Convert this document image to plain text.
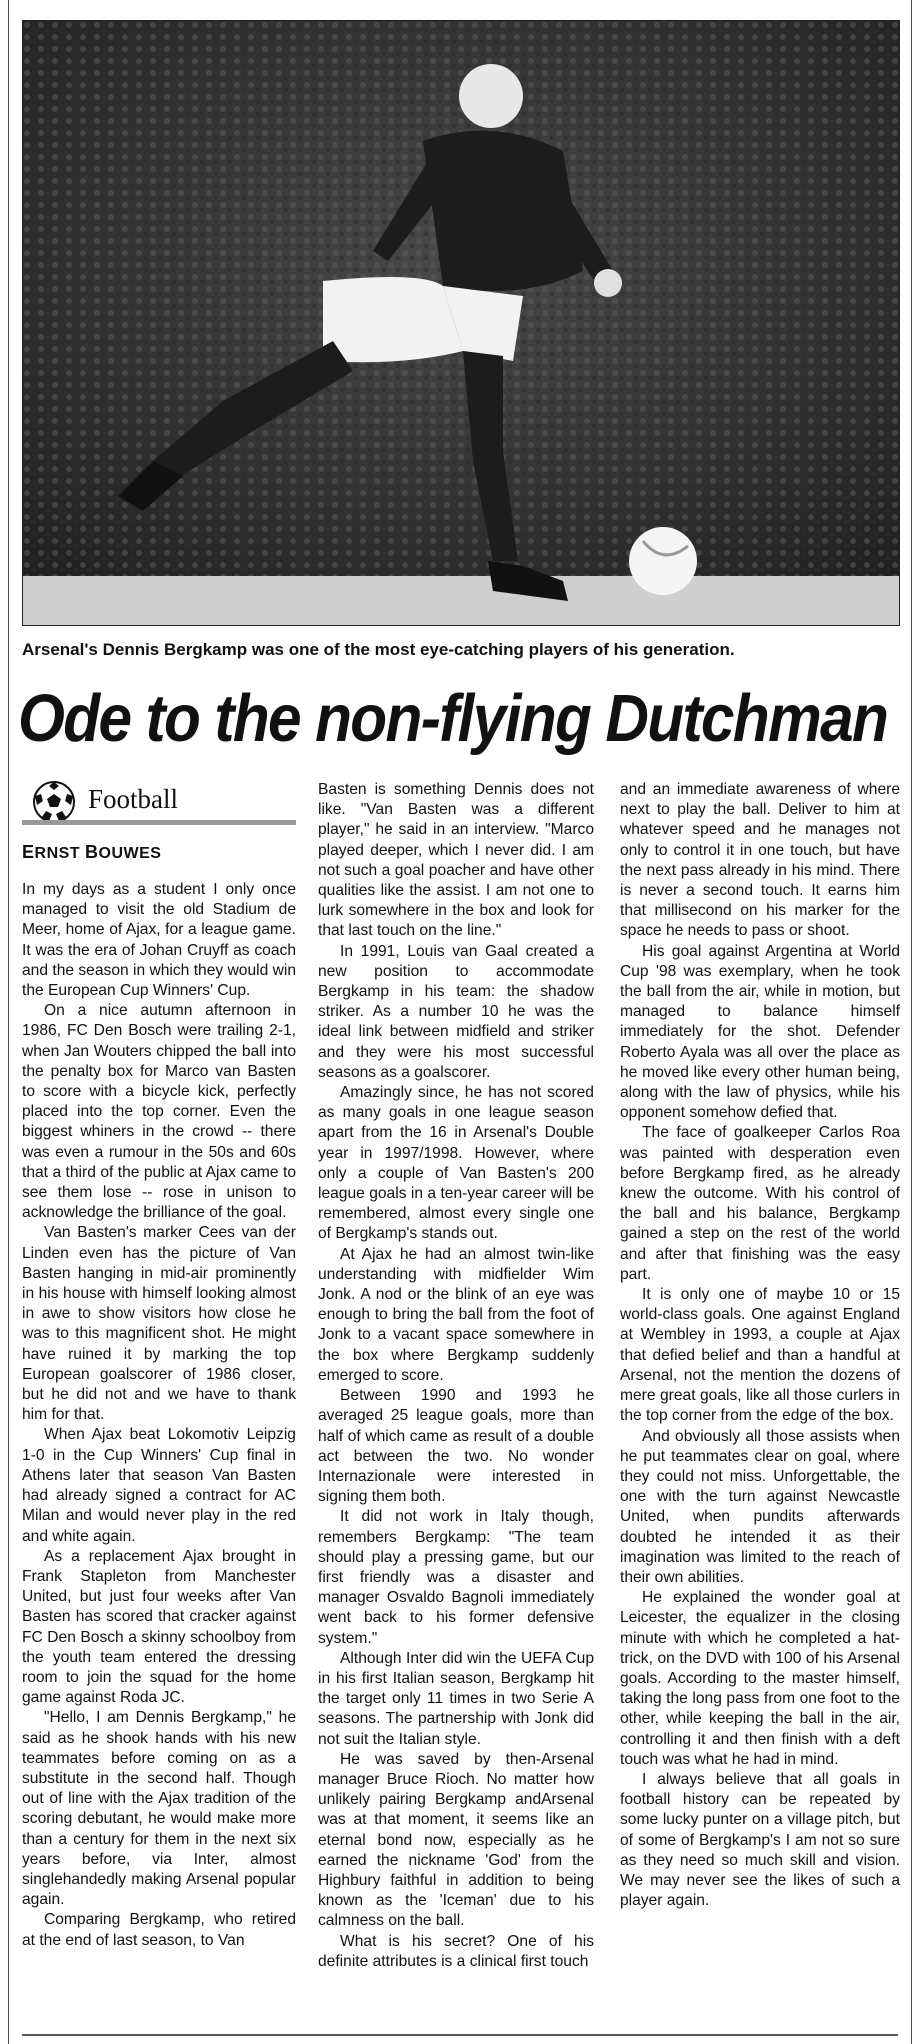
Arsenal's Dennis Bergkamp was one of the most eye-catching players of his generation.
Ode to the non-flying Dutchman
Football
ERNST BOUWES

In my days as a student I only once managed to visit the old Stadium de Meer, home of Ajax, for a league game. It was the era of Johan Cruyff as coach and the season in which they would win the European Cup Winners' Cup.

On a nice autumn afternoon in 1986, FC Den Bosch were trailing 2-1, when Jan Wouters chipped the ball into the penalty box for Marco van Basten to score with a bicycle kick, perfectly placed into the top corner. Even the biggest whiners in the crowd -- there was even a rumour in the 50s and 60s that a third of the public at Ajax came to see them lose -- rose in unison to acknowledge the brilliance of the goal.

Van Basten's marker Cees van der Linden even has the picture of Van Basten hanging in mid-air prominently in his house with himself looking almost in awe to show visitors how close he was to this magnificent shot. He might have ruined it by marking the top European goalscorer of 1986 closer, but he did not and we have to thank him for that.

When Ajax beat Lokomotiv Leipzig 1-0 in the Cup Winners' Cup final in Athens later that season Van Basten had already signed a contract for AC Milan and would never play in the red and white again.

As a replacement Ajax brought in Frank Stapleton from Manchester United, but just four weeks after Van Basten has scored that cracker against FC Den Bosch a skinny schoolboy from the youth team entered the dressing room to join the squad for the home game against Roda JC.

"Hello, I am Dennis Bergkamp," he said as he shook hands with his new teammates before coming on as a substitute in the second half. Though out of line with the Ajax tradition of the scoring debutant, he would make more than a century for them in the next six years before, via Inter, almost singlehandedly making Arsenal popular again.

Comparing Bergkamp, who retired at the end of last season, to Van

Basten is something Dennis does not like. "Van Basten was a different player," he said in an interview. "Marco played deeper, which I never did. I am not such a goal poacher and have other qualities like the assist. I am not one to lurk somewhere in the box and look for that last touch on the line."

In 1991, Louis van Gaal created a new position to accommodate Bergkamp in his team: the shadow striker. As a number 10 he was the ideal link between midfield and striker and they were his most successful seasons as a goalscorer.

Amazingly since, he has not scored as many goals in one league season apart from the 16 in Arsenal's Double year in 1997/1998. However, where only a couple of Van Basten's 200 league goals in a ten-year career will be remembered, almost every single one of Bergkamp's stands out.

At Ajax he had an almost twin-like understanding with midfielder Wim Jonk. A nod or the blink of an eye was enough to bring the ball from the foot of Jonk to a vacant space somewhere in the box where Bergkamp suddenly emerged to score.

Between 1990 and 1993 he averaged 25 league goals, more than half of which came as result of a double act between the two. No wonder Internazionale were interested in signing them both.

It did not work in Italy though, remembers Bergkamp: "The team should play a pressing game, but our first friendly was a disaster and manager Osvaldo Bagnoli immediately went back to his former defensive system."

Although Inter did win the UEFA Cup in his first Italian season, Bergkamp hit the target only 11 times in two Serie A seasons. The partnership with Jonk did not suit the Italian style.

He was saved by then-Arsenal manager Bruce Rioch. No matter how unlikely pairing Bergkamp andArsenal was at that moment, it seems like an eternal bond now, especially as he earned the nickname 'God' from the Highbury faithful in addition to being known as the 'Iceman' due to his calmness on the ball.

What is his secret? One of his definite attributes is a clinical first touch

and an immediate awareness of where next to play the ball. Deliver to him at whatever speed and he manages not only to control it in one touch, but have the next pass already in his mind. There is never a second touch. It earns him that millisecond on his marker for the space he needs to pass or shoot.

His goal against Argentina at World Cup '98 was exemplary, when he took the ball from the air, while in motion, but managed to balance himself immediately for the shot. Defender Roberto Ayala was all over the place as he moved like every other human being, along with the law of physics, while his opponent somehow defied that.

The face of goalkeeper Carlos Roa was painted with desperation even before Bergkamp fired, as he already knew the outcome. With his control of the ball and his balance, Bergkamp gained a step on the rest of the world and after that finishing was the easy part.

It is only one of maybe 10 or 15 world-class goals. One against England at Wembley in 1993, a couple at Ajax that defied belief and than a handful at Arsenal, not the mention the dozens of mere great goals, like all those curlers in the top corner from the edge of the box.

And obviously all those assists when he put teammates clear on goal, where they could not miss. Unforgettable, the one with the turn against Newcastle United, when pundits afterwards doubted he intended it as their imagination was limited to the reach of their own abilities.

He explained the wonder goal at Leicester, the equalizer in the closing minute with which he completed a hat-trick, on the DVD with 100 of his Arsenal goals. According to the master himself, taking the long pass from one foot to the other, while keeping the ball in the air, controlling it and then finish with a deft touch was what he had in mind.

I always believe that all goals in football history can be repeated by some lucky punter on a village pitch, but of some of Bergkamp's I am not so sure as they need so much skill and vision. We may never see the likes of such a player again.
